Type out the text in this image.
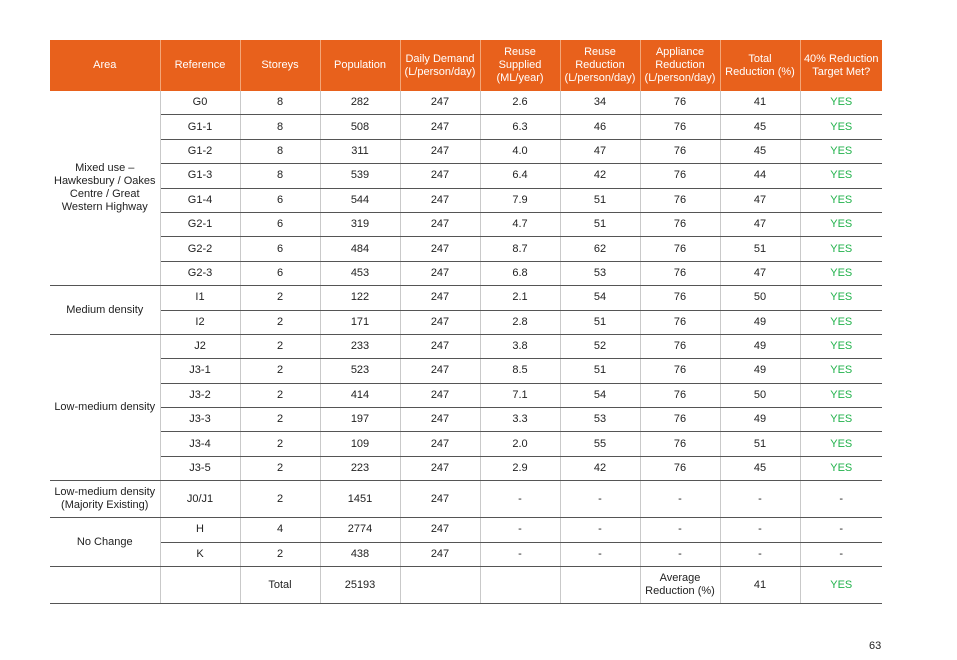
Area	Reference	Storeys	Population	Daily Demand (L/person/day)	Reuse Supplied (ML/year)	Reuse Reduction (L/person/day)	Appliance Reduction (L/person/day)	Total Reduction (%)	40% Reduction Target Met?
Mixed use – Hawkesbury / Oakes Centre / Great Western Highway	G0	8	282	247	2.6	34	76	41	YES
	G1-1	8	508	247	6.3	46	76	45	YES
	G1-2	8	311	247	4.0	47	76	45	YES
	G1-3	8	539	247	6.4	42	76	44	YES
	G1-4	6	544	247	7.9	51	76	47	YES
	G2-1	6	319	247	4.7	51	76	47	YES
	G2-2	6	484	247	8.7	62	76	51	YES
	G2-3	6	453	247	6.8	53	76	47	YES
Medium density	I1	2	122	247	2.1	54	76	50	YES
	I2	2	171	247	2.8	51	76	49	YES
Low-medium density	J2	2	233	247	3.8	52	76	49	YES
	J3-1	2	523	247	8.5	51	76	49	YES
	J3-2	2	414	247	7.1	54	76	50	YES
	J3-3	2	197	247	3.3	53	76	49	YES
	J3-4	2	109	247	2.0	55	76	51	YES
	J3-5	2	223	247	2.9	42	76	45	YES
Low-medium density (Majority Existing)	J0/J1	2	1451	247	-	-	-	-	-
No Change	H	4	2774	247	-	-	-	-	-
	K	2	438	247	-	-	-	-	-
		Total	25193				Average Reduction (%)	41	YES
63
